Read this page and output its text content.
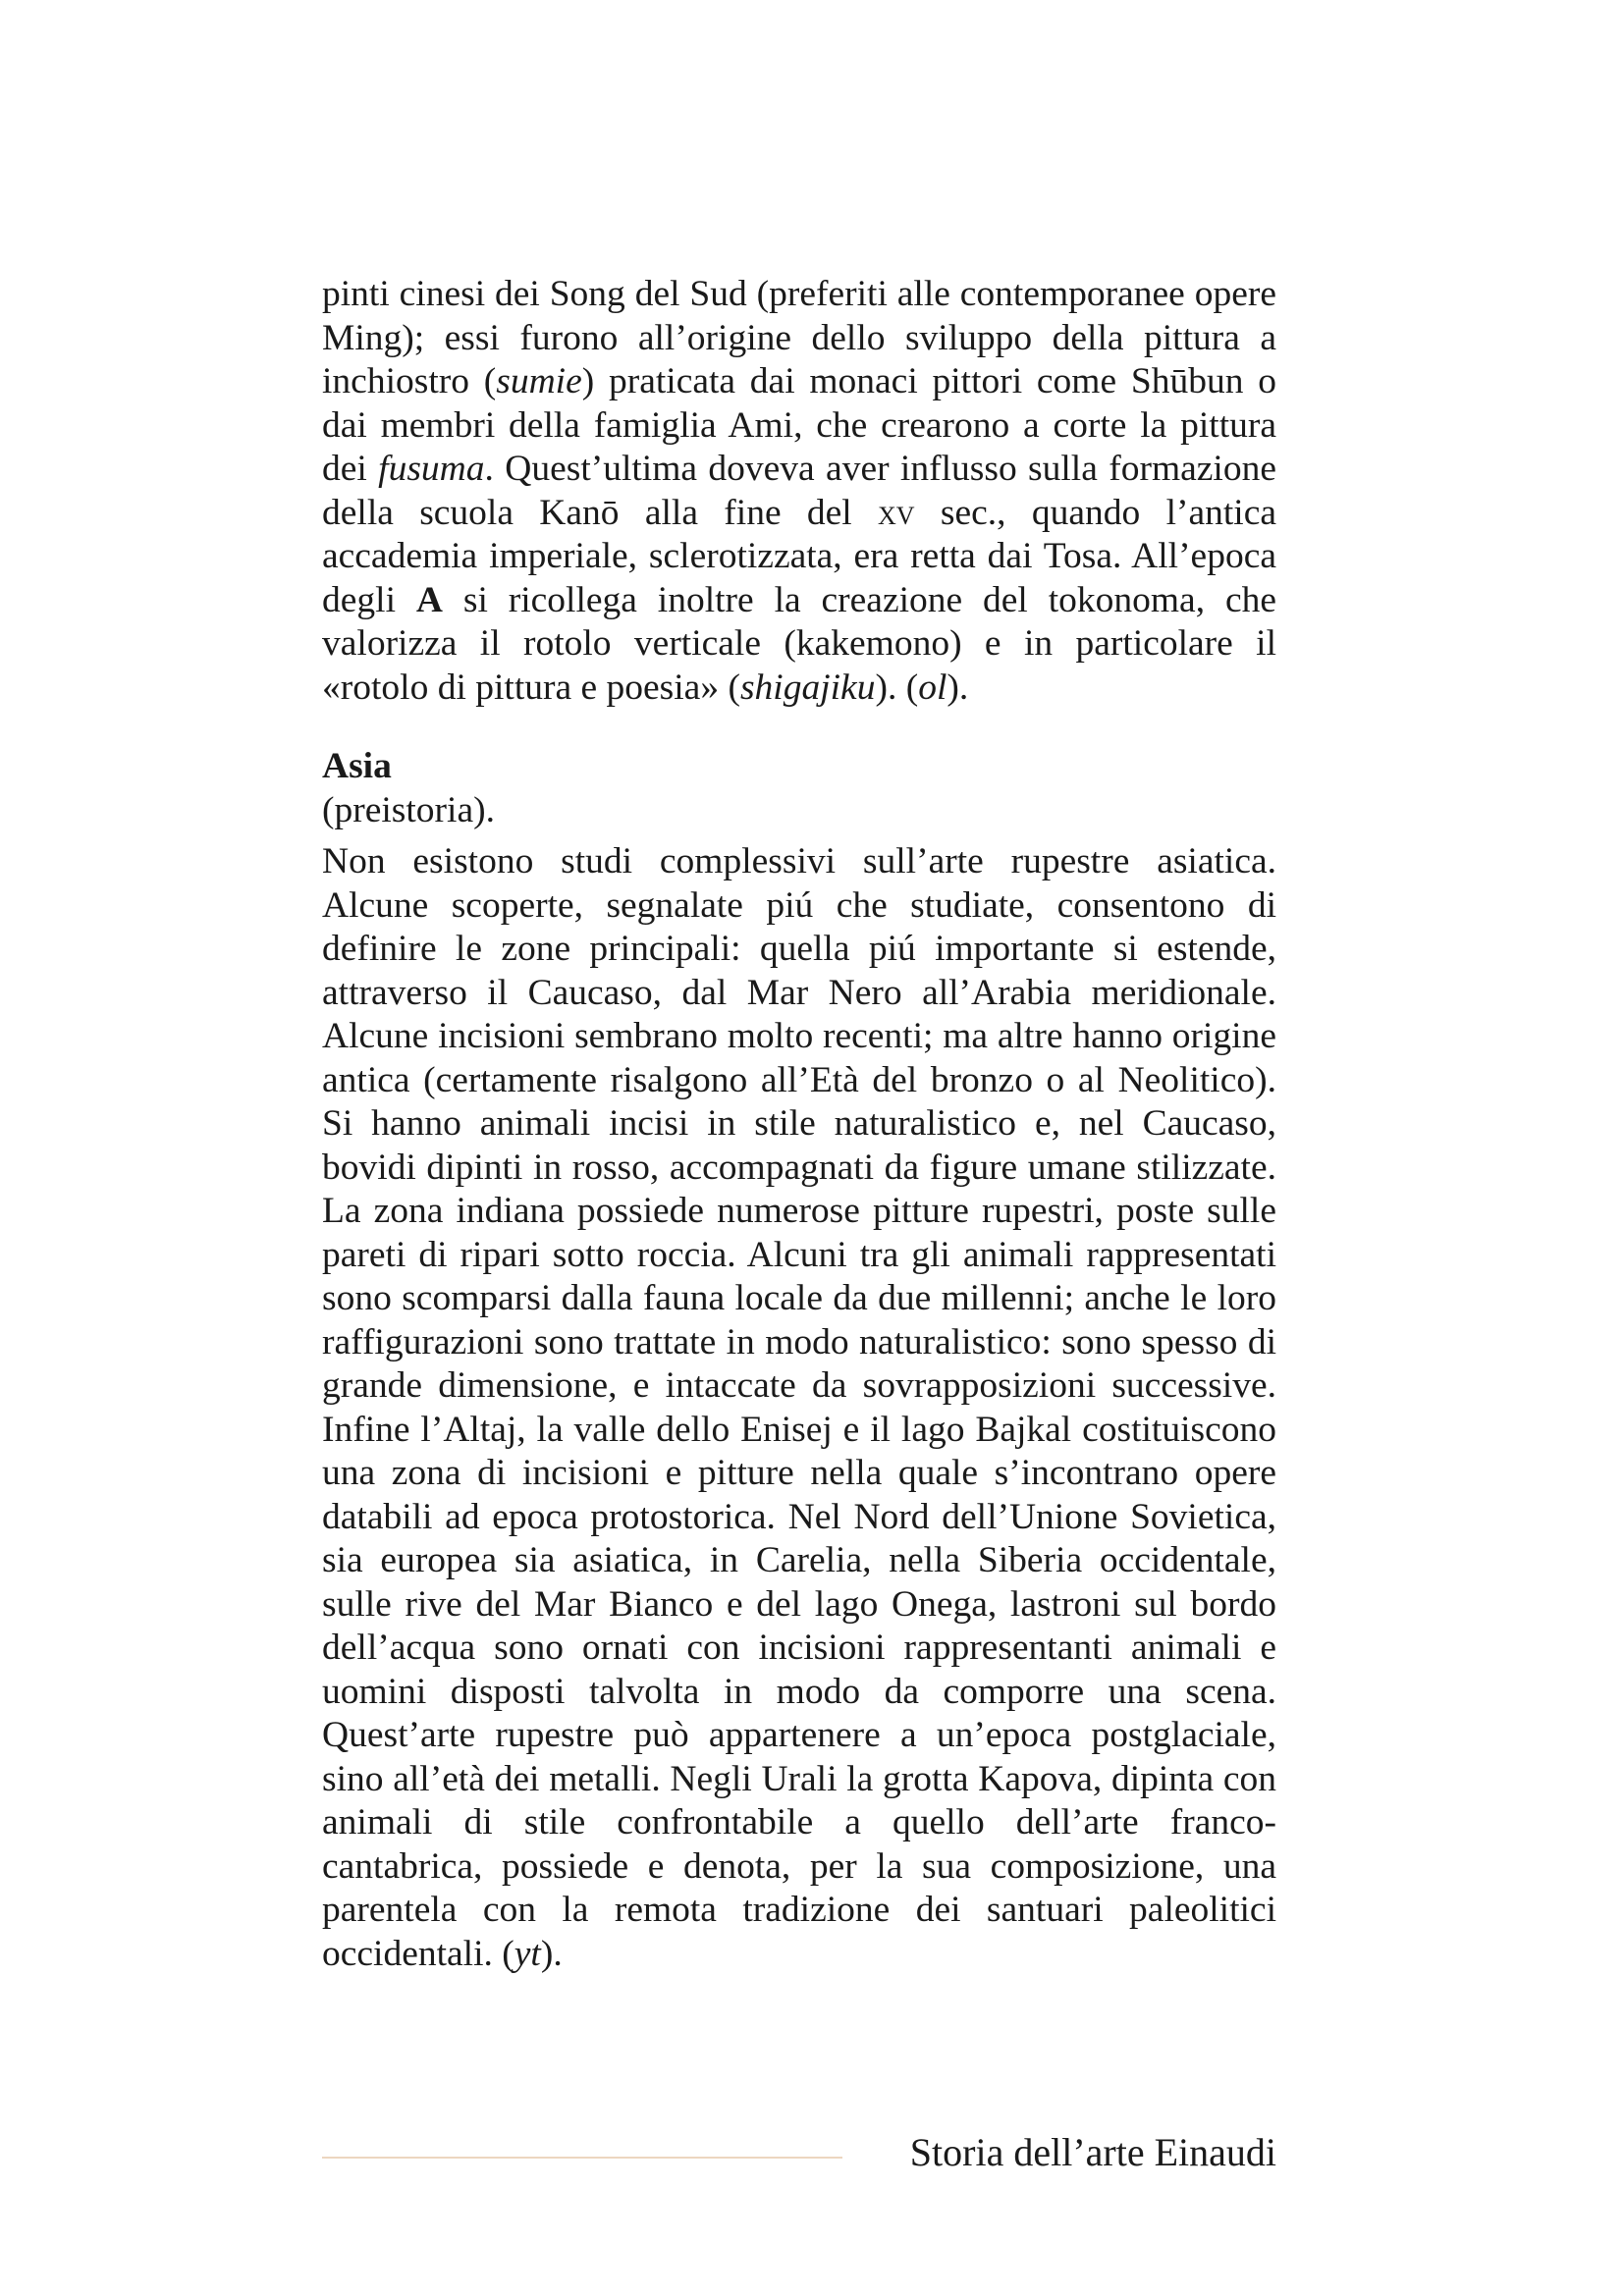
pinti cinesi dei Song del Sud (preferiti alle contemporanee opere Ming); essi furono all’origine dello sviluppo della pittura a inchiostro (sumie) praticata dai monaci pittori come Shūbun o dai membri della famiglia Ami, che crearono a corte la pittura dei fusuma. Quest’ultima doveva aver influsso sulla formazione della scuola Kanō alla fine del xv sec., quando l’antica accademia imperiale, sclerotizzata, era retta dai Tosa. All’epoca degli A si ricollega inoltre la creazione del tokonoma, che valorizza il rotolo verticale (kakemono) e in particolare il «rotolo di pittura e poesia» (shigajiku). (ol).

Asia

(preistoria).

Non esistono studi complessivi sull’arte rupestre asiatica. Alcune scoperte, segnalate piú che studiate, consentono di definire le zone principali: quella piú importante si estende, attraverso il Caucaso, dal Mar Nero all’Arabia meridionale. Alcune incisioni sembrano molto recenti; ma altre hanno origine antica (certamente risalgono all’Età del bronzo o al Neolitico). Si hanno animali incisi in stile naturalistico e, nel Caucaso, bovidi dipinti in rosso, accompagnati da figure umane stilizzate. La zona indiana possiede numerose pitture rupestri, poste sulle pareti di ripari sotto roccia. Alcuni tra gli animali rappresentati sono scomparsi dalla fauna locale da due millenni; anche le loro raffigurazioni sono trattate in modo naturalistico: sono spesso di grande dimensione, e intaccate da sovrapposizioni successive. Infine l’Altaj, la valle dello Enisej e il lago Bajkal costituiscono una zona di incisioni e pitture nella quale s’incontrano opere databili ad epoca protostorica. Nel Nord dell’Unione Sovietica, sia europea sia asiatica, in Carelia, nella Siberia occidentale, sulle rive del Mar Bianco e del lago Onega, lastroni sul bordo dell’acqua sono ornati con incisioni rappresentanti animali e uomini disposti talvolta in modo da comporre una scena. Quest’arte rupestre può appartenere a un’epoca postglaciale, sino all’età dei metalli. Negli Urali la grotta Kapova, dipinta con animali di stile confrontabile a quello dell’arte franco-cantabrica, possiede e denota, per la sua composizione, una parentela con la remota tradizione dei santuari paleolitici occidentali. (yt).

Storia dell’arte Einaudi
